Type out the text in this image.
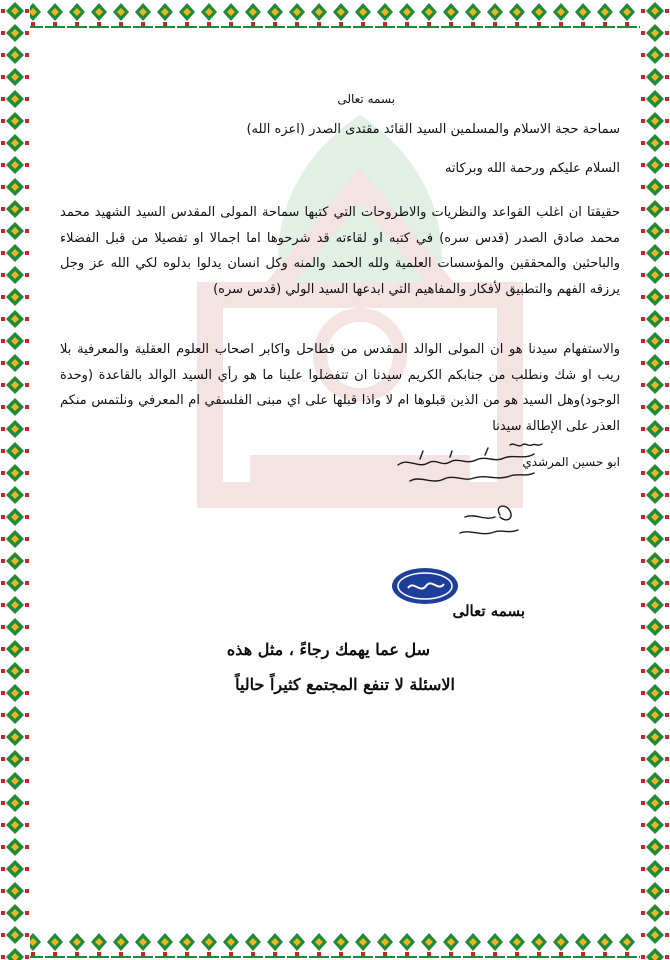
بسمه تعالى
سماحة حجة الاسلام والمسلمين السيد القائد مقتدى الصدر (اعزه الله)
السلام عليكم ورحمة الله وبركاته
حقيقتا ان اغلب القواعد والنظريات والاطروحات التي كتبها سماحة المولى المقدس السيد الشهيد محمد محمد صادق الصدر (قدس سره) في كتبه او لقاءته قد شرحوها اما اجمالا او تفصيلا من قبل الفضلاء والباحثين والمحققين والمؤسسات العلمية ولله الحمد والمنه وكل انسان يدلوا بدلوه لكي الله عز وجل يرزقه الفهم والتطبيق لأفكار والمفاهيم التي ابدعها السيد الولي (قدس سره)
والاستفهام سيدنا هو ان المولى الوالد المقدس من فطاحل واكابر اصحاب العلوم العقلية والمعرفية بلا ريب او شك ونطلب من جنابكم الكريم سيدنا ان تتفضلوا علينا ما هو رأي السيد الوالد بالقاعدة (وحدة الوجود)وهل السيد هو من الذين قبلوها ام لا واذا قبلها على اي مبنى الفلسفي ام المعرفي ونلتمس منكم العذر على الإطالة سيدنا
ابو حسين المرشدي
بسمه تعالى
سل عما يهمك رجاءً ، مثل هذه
الاسئلة لا تنفع المجتمع كثيراً حالياً
